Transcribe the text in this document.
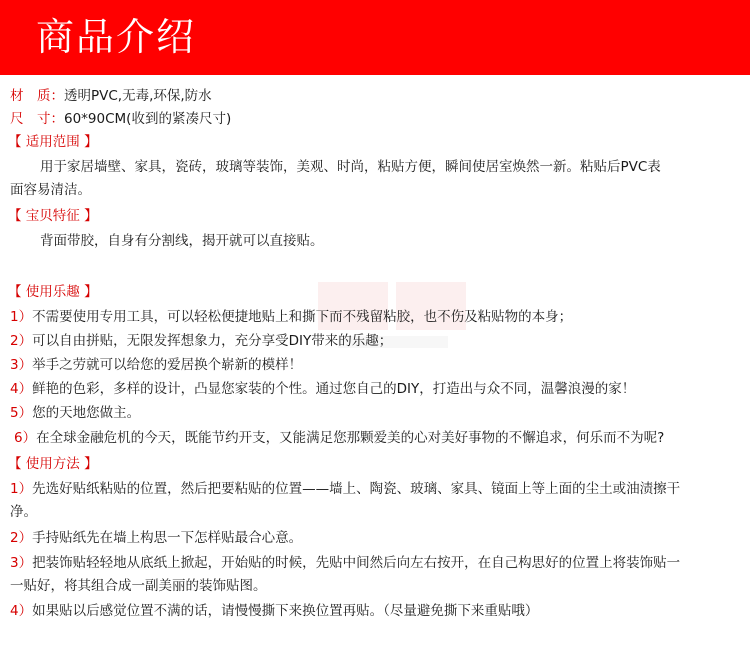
商品介绍
材　质：透明PVC,无毒,环保,防水
尺　寸：60*90CM(收到的紧凑尺寸)
【 适用范围 】
用于家居墙壁、家具，瓷砖，玻璃等装饰，美观、时尚，粘贴方便，瞬间使居室焕然一新。粘贴后PVC表
面容易清洁。
【 宝贝特征 】
背面带胶，自身有分割线，揭开就可以直接贴。
【 使用乐趣 】
1）不需要使用专用工具，可以轻松便捷地贴上和撕下而不残留粘胶，也不伤及粘贴物的本身；
2）可以自由拼贴，无限发挥想象力，充分享受DIY带来的乐趣；
3）举手之劳就可以给您的爱居换个崭新的模样！
4）鲜艳的色彩，多样的设计，凸显您家装的个性。通过您自己的DIY，打造出与众不同，温馨浪漫的家！
5）您的天地您做主。
6）在全球金融危机的今天，既能节约开支，又能满足您那颗爱美的心对美好事物的不懈追求，何乐而不为呢?
【 使用方法 】
1）先选好贴纸粘贴的位置，然后把要粘贴的位置——墙上、陶瓷、玻璃、家具、镜面上等上面的尘土或油渍擦干
净。
2）手持贴纸先在墙上构思一下怎样贴最合心意。
3）把装饰贴轻轻地从底纸上掀起，开始贴的时候，先贴中间然后向左右按开，在自己构思好的位置上将装饰贴一
一贴好，将其组合成一副美丽的装饰贴图。
4）如果贴以后感觉位置不满的话，请慢慢撕下来换位置再贴。（尽量避免撕下来重贴哦）
